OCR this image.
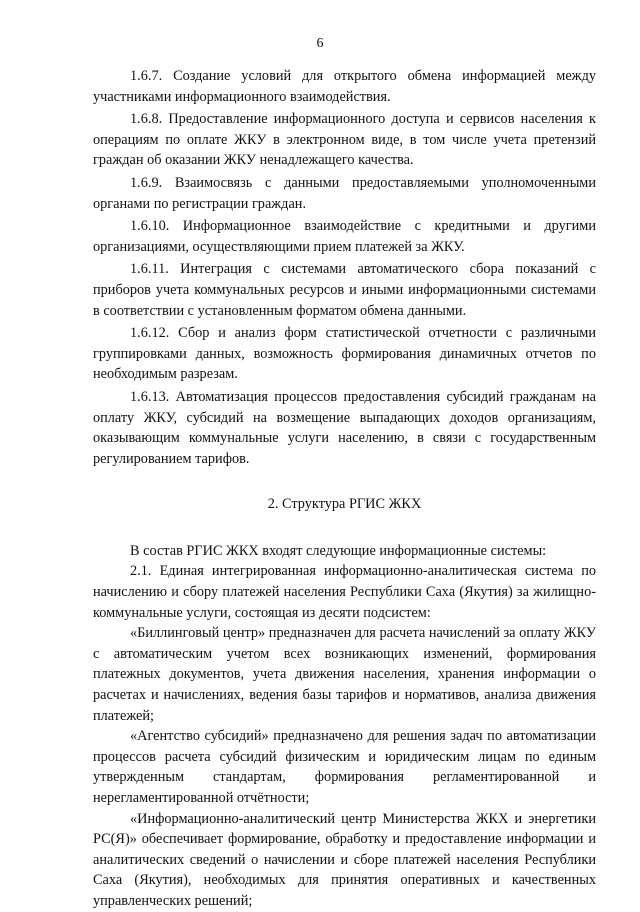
6

1.6.7. Создание условий для открытого обмена информацией между участниками информационного взаимодействия.

1.6.8. Предоставление информационного доступа и сервисов населения к операциям по оплате ЖКУ в электронном виде, в том числе учета претензий граждан об оказании ЖКУ ненадлежащего качества.

1.6.9. Взаимосвязь с данными предоставляемыми уполномоченными органами по регистрации граждан.

1.6.10. Информационное взаимодействие с кредитными и другими организациями, осуществляющими прием платежей за ЖКУ.

1.6.11. Интеграция с системами автоматического сбора показаний с приборов учета коммунальных ресурсов и иными информационными системами в соответствии с установленным форматом обмена данными.

1.6.12. Сбор и анализ форм статистической отчетности с различными группировками данных, возможность формирования динамичных отчетов по необходимым разрезам.

1.6.13. Автоматизация процессов предоставления субсидий гражданам на оплату ЖКУ, субсидий на возмещение выпадающих доходов организациям, оказывающим коммунальные услуги населению, в связи с государственным регулированием тарифов.

2. Структура РГИС ЖКХ

В состав РГИС ЖКХ входят следующие информационные системы:

2.1. Единая интегрированная информационно-аналитическая система по начислению и сбору платежей населения Республики Саха (Якутия) за жилищно-коммунальные услуги, состоящая из десяти подсистем:

«Биллинговый центр» предназначен для расчета начислений за оплату ЖКУ с автоматическим учетом всех возникающих изменений, формирования платежных документов, учета движения населения, хранения информации о расчетах и начислениях, ведения базы тарифов и нормативов, анализа движения платежей;

«Агентство субсидий» предназначено для решения задач по автоматизации процессов расчета субсидий физическим и юридическим лицам по единым утвержденным стандартам, формирования регламентированной и нерегламентированной отчётности;

«Информационно-аналитический центр Министерства ЖКХ и энергетики РС(Я)» обеспечивает формирование, обработку и предоставление информации и аналитических сведений о начислении и сборе платежей населения Республики Саха (Якутия), необходимых для принятия оперативных и качественных управленческих решений;
